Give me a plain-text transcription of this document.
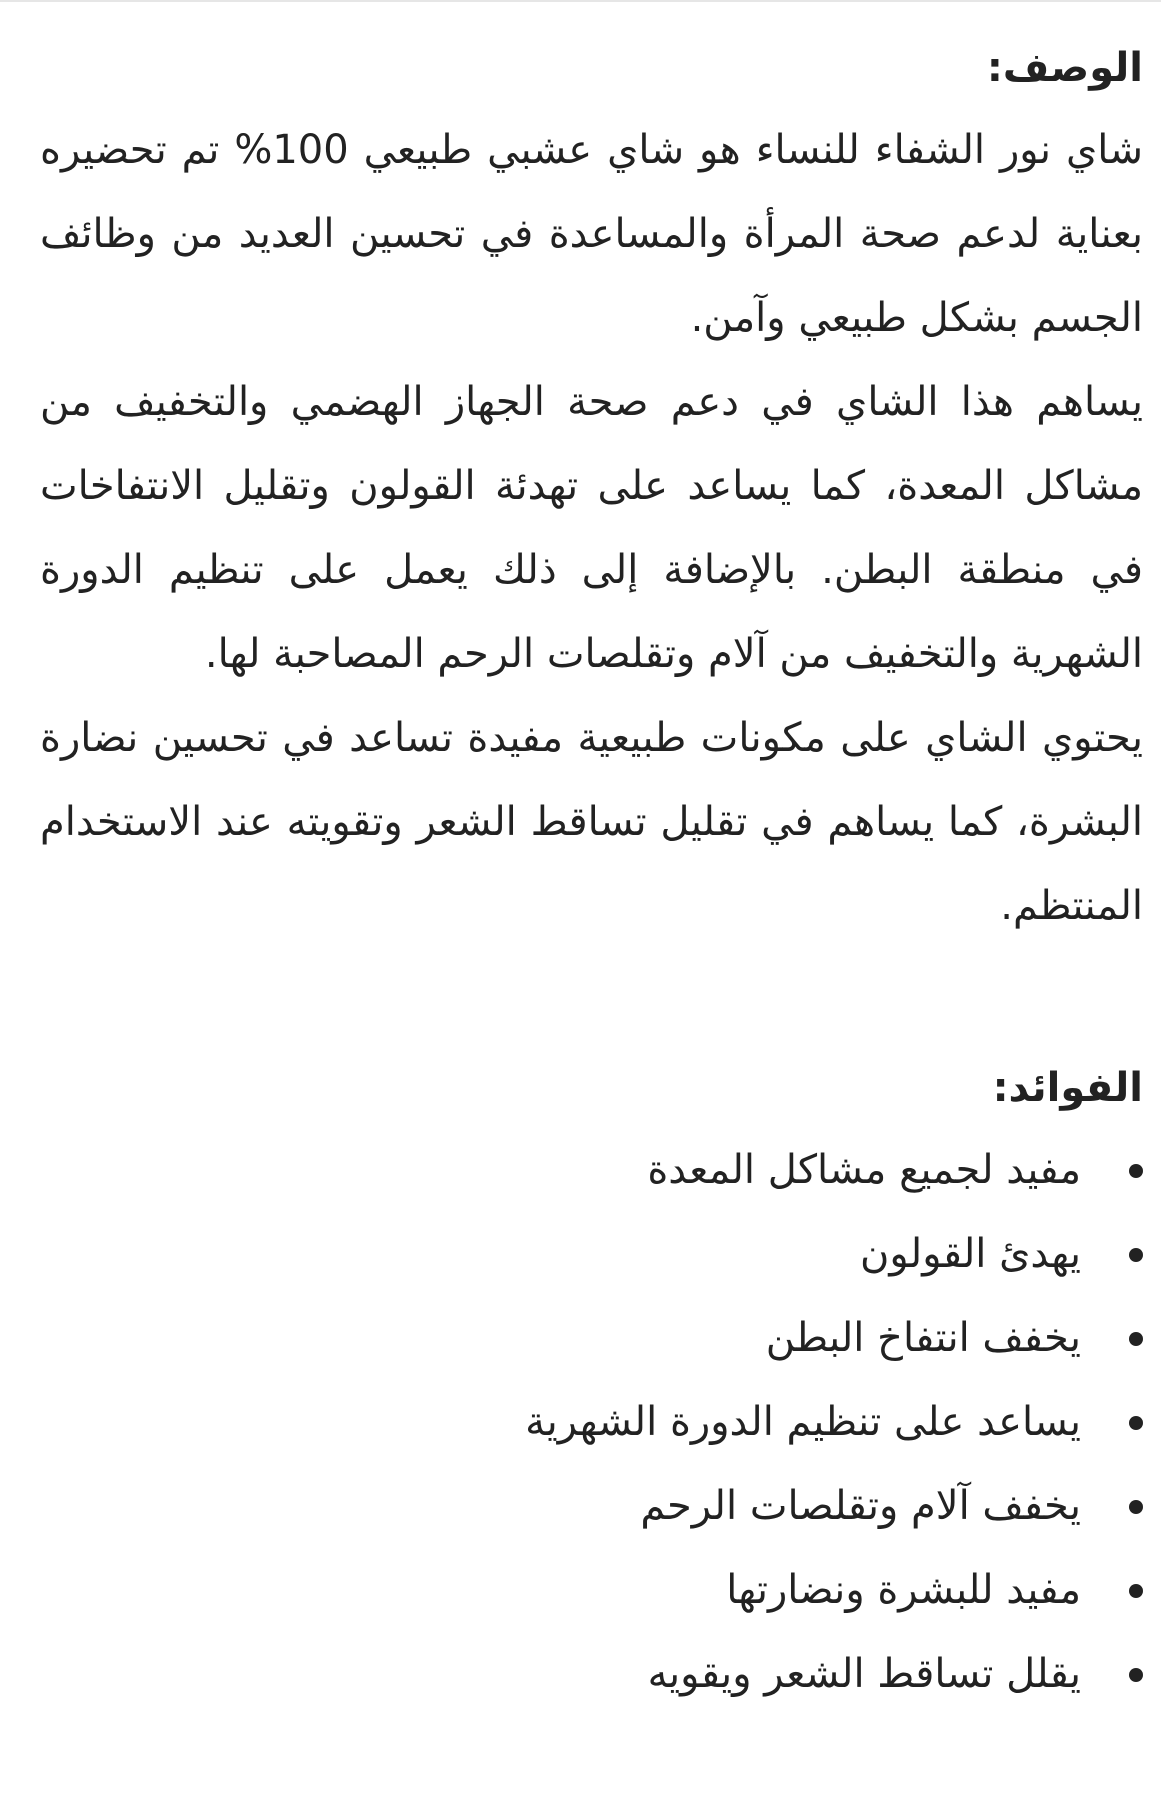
الوصف:

شاي نور الشفاء للنساء هو شاي عشبي طبيعي 100% تم تحضيره بعناية لدعم صحة المرأة والمساعدة في تحسين العديد من وظائف الجسم بشكل طبيعي وآمن.

يساهم هذا الشاي في دعم صحة الجهاز الهضمي والتخفيف من مشاكل المعدة، كما يساعد على تهدئة القولون وتقليل الانتفاخات في منطقة البطن. بالإضافة إلى ذلك يعمل على تنظيم الدورة الشهرية والتخفيف من آلام وتقلصات الرحم المصاحبة لها.

يحتوي الشاي على مكونات طبيعية مفيدة تساعد في تحسين نضارة البشرة، كما يساهم في تقليل تساقط الشعر وتقويته عند الاستخدام المنتظم.

الفوائد:
مفيد لجميع مشاكل المعدة
يهدئ القولون
يخفف انتفاخ البطن
يساعد على تنظيم الدورة الشهرية
يخفف آلام وتقلصات الرحم
مفيد للبشرة ونضارتها
يقلل تساقط الشعر ويقويه
